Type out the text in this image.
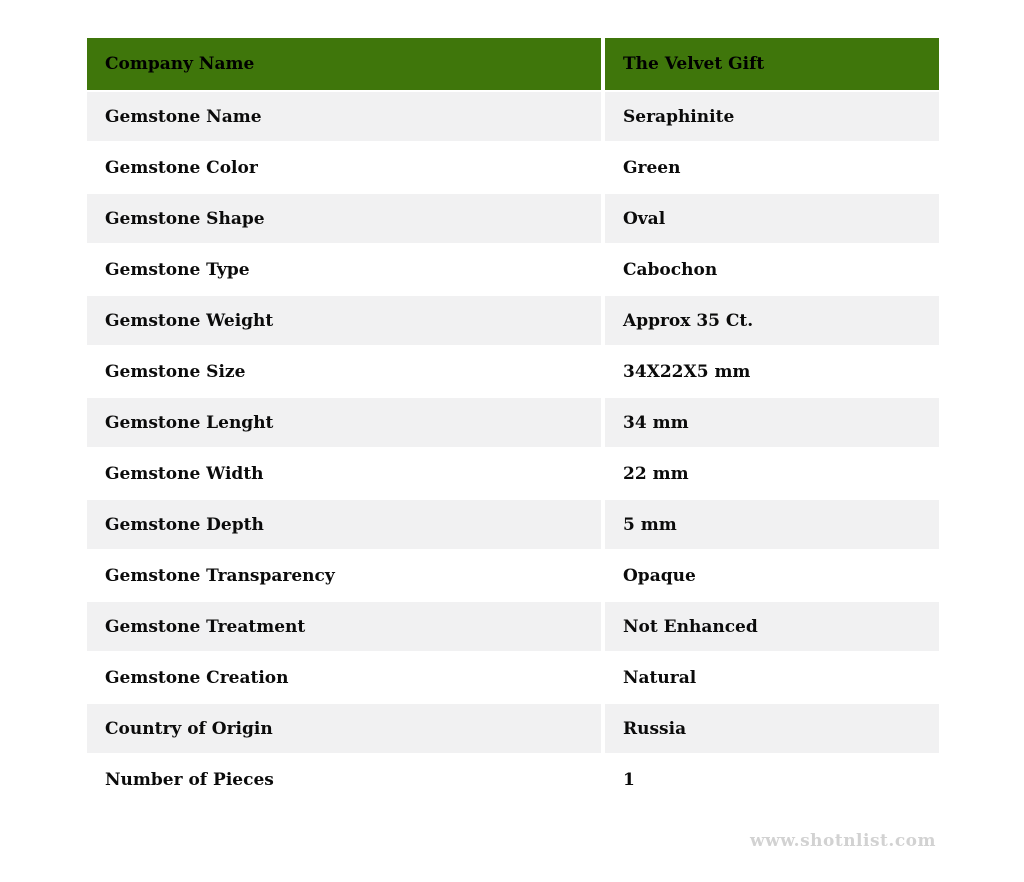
Company Name	The Velvet Gift
Gemstone Name	Seraphinite
Gemstone Color	Green
Gemstone Shape	Oval
Gemstone Type	Cabochon
Gemstone Weight	Approx 35 Ct.
Gemstone Size	34X22X5 mm
Gemstone Lenght	34 mm
Gemstone Width	22 mm
Gemstone Depth	5 mm
Gemstone Transparency	Opaque
Gemstone Treatment	Not Enhanced
Gemstone Creation	Natural
Country of Origin	Russia
Number of Pieces	1
www.shotnlist.com
